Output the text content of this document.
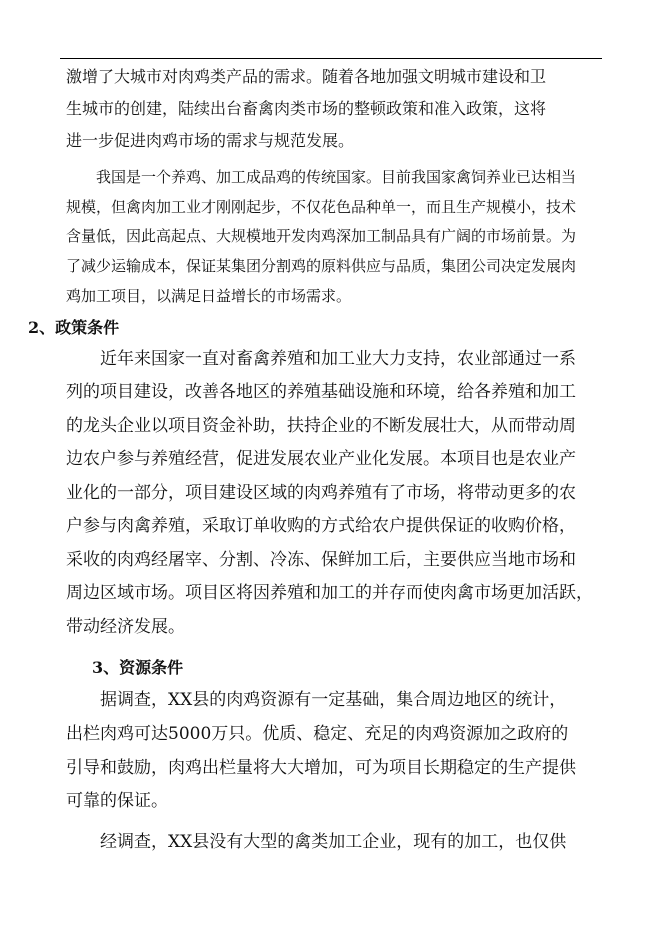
激增了大城市对肉鸡类产品的需求。随着各地加强文明城市建设和卫
生城市的创建，陆续出台畜禽肉类市场的整顿政策和准入政策，这将
进一步促进肉鸡市场的需求与规范发展。
我国是一个养鸡、加工成品鸡的传统国家。目前我国家禽饲养业已达相当
规模，但禽肉加工业才刚刚起步，不仅花色品种单一，而且生产规模小，技术
含量低，因此高起点、大规模地开发肉鸡深加工制品具有广阔的市场前景。为
了减少运输成本，保证某集团分割鸡的原料供应与品质，集团公司决定发展肉
鸡加工项目，以满足日益增长的市场需求。
2、政策条件
近年来国家一直对畜禽养殖和加工业大力支持，农业部通过一系
列的项目建设，改善各地区的养殖基础设施和环境，给各养殖和加工
的龙头企业以项目资金补助，扶持企业的不断发展壮大，从而带动周
边农户参与养殖经营，促进发展农业产业化发展。本项目也是农业产
业化的一部分，项目建设区域的肉鸡养殖有了市场，将带动更多的农
户参与肉禽养殖，采取订单收购的方式给农户提供保证的收购价格，
采收的肉鸡经屠宰、分割、冷冻、保鲜加工后，主要供应当地市场和
周边区域市场。项目区将因养殖和加工的并存而使肉禽市场更加活跃，
带动经济发展。
3、资源条件
据调查，XX县的肉鸡资源有一定基础，集合周边地区的统计，
出栏肉鸡可达5000万只。优质、稳定、充足的肉鸡资源加之政府的
引导和鼓励，肉鸡出栏量将大大增加，可为项目长期稳定的生产提供
可靠的保证。
经调查，XX县没有大型的禽类加工企业，现有的加工，也仅供
